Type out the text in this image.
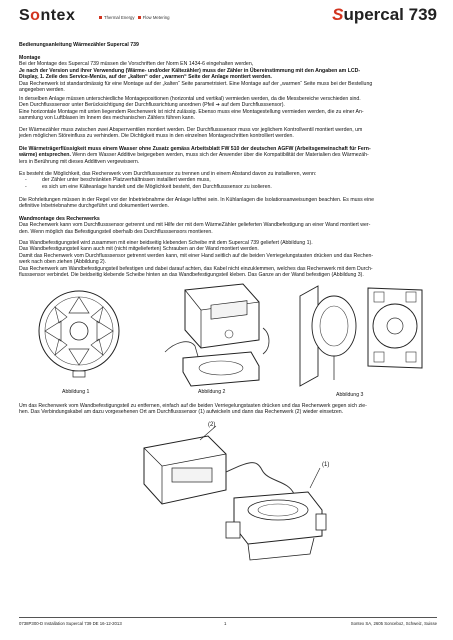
Sontex	Thermal Energy Flow Metering	Supercal 739
Bedienungsanleitung Wärmezähler Supercal 739

Montage

Bei der Montage des Supercal 739 müssen die Vorschriften der Norm EN 1434-6 eingehalten werden,

Je nach der Version und ihrer Verwendung (Wärme- und/oder Kältezähler) muss der Zähler in Übereinstimmung mit den Angaben am LCD-

Display, 1. Zeile des Service-Menüs, auf der „kalten“ oder „warmen“ Seite der Anlage montiert werden.

Das Rechenwerk ist standardmässig für eine Montage auf der „kalten“ Seite parametrisiert. Eine Montage auf der „warmen“ Seite muss bei der Bestellung

angegeben werden.

In derselben Anlage müssen unterschiedliche Montagepositionen (horizontal und vertikal) vermieden werden, da die Messbereiche verschieden sind.

Den Durchflusssensor unter Berücksichtigung der Durchflussrichtung anordnen (Pfeil ➔ auf dem Durchflusssensor).

Eine horizontale Montage mit unten liegendem Rechenwerk ist nicht zulässig. Ebenso muss eine Montagestellung vermieden werden, die zu einer An-

sammlung von Luftblasen im Innern des mechanischen Zählers führen kann.

Der Wärmezähler muss zwischen zwei Absperrventilen montiert werden. Der Durchflusssensor muss vor jeglichem Kontrollventil montiert werden, um

jeden möglichen Störeinfluss zu verhindern. Die Dichtigkeit muss in den einzelnen Montageschritten kontrolliert werden.

Die Wärmeträgerflüssigkeit muss einem Wasser ohne Zusatz gemäss Arbeitsblatt FW 510 der deutschen AGFW (Arbeitsgemeinschaft für Fern-

wärme) entsprechen. Wenn dem Wasser Additive beigegeben werden, muss sich der Anwender über die Kompatibilität der Materialien des Wärmezäh-

lers in Berührung mit dieses Additiven vergewissern.

Es besteht die Möglichkeit, das Rechenwerk vom Durchflusssensor zu trennen und in einem Abstand davon zu installieren, wenn:

-	der Zähler unter beschränkten Platzverhältnissen installiert werden muss,
-	es sich um eine Kälteanlage handelt und die Möglichkeit besteht, den Durchflusssensor zu isolieren.

Die Rohrleitungen müssen in der Regel vor der Inbetriebnahme der Anlage luftfrei sein. In Kühlanlagen die Isolationsanweisungen beachten. Es muss eine

definitive Inbetriebnahme durchgeführt und dokumentiert werden.

Wandmontage des Rechenwerks

Das Rechenwerk kann vom Durchflusssensor getrennt und mit Hilfe der mit dem WärmeZähler gelieferten Wandbefestigung an einer Wand montiert wer-

den. Wenn möglich das Befestigungsteil oberhalb des Durchflusssensors montieren.

Das Wandbefestigungsteil wird zusammen mit einer beidseitig klebenden Scheibe mit dem Supercal 739 geliefert (Abbildung 1).

Das Wandbefestigungsteil kann auch mit (nicht mitgelieferten) Schrauben an der Wand montiert werden.

Damit das Rechenwerk vom Durchflusssensor getrennt werden kann, mit einer Hand seitlich auf die beiden Verriegelungstasten drücken und das Rechen-

werk nach oben ziehen (Abbildung 2).

Das Rechenwerk am Wandbefestigungsteil befestigen und dabei darauf achten, das Kabel nicht einzuklemmen, welches das Rechenwerk mit dem Durch-

flusssensor verbindet. Die beidseitig klebende Scheibe hinten an das Wandbefestigungsteil kleben. Das Ganze an der Wand befestigen (Abbildung 3).

Abbildung 1	Abbildung 2	Abbildung 3

Um das Rechenwerk vom Wandbefestigungsteil zu entfernen, einfach auf die beiden Verriegelungstasten drücken und das Rechenwerk gegen sich zie-

hen. Das Verbindungskabel am dazu vorgesehenen Ort am Durchflusssensor (1) aufwickeln und dann das Rechenwerk (2) wieder einsetzen.

(2)
(1)
0738P300-D Installation Supercal 739 DE 16-12-2013	1	Sontex SA, 2605 Sonceboz, Schweiz, Suisse
